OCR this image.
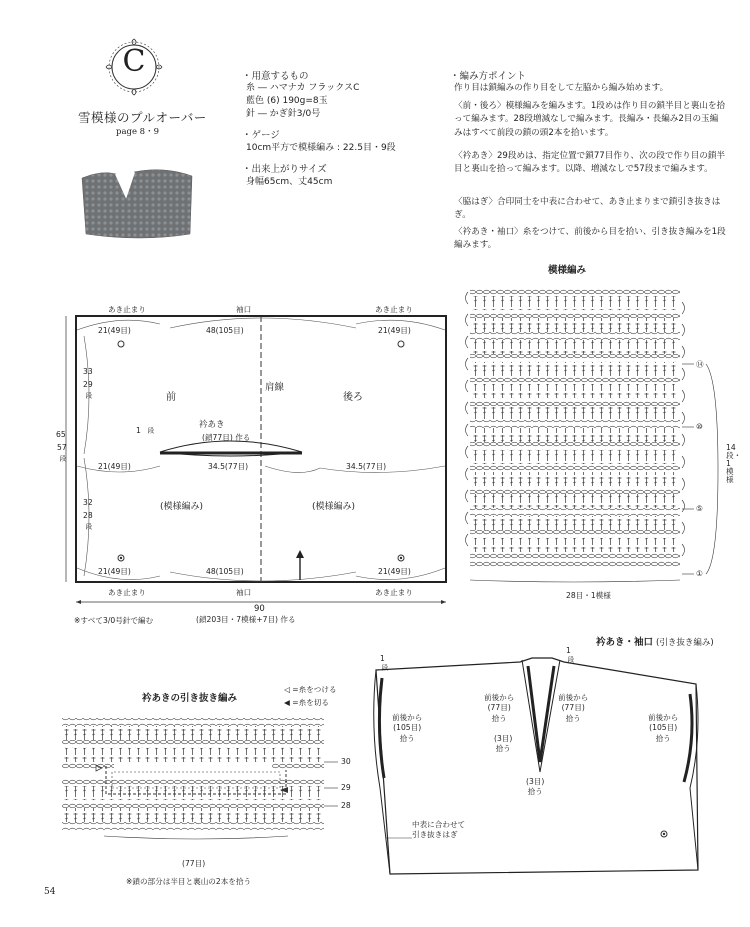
C
雪模様のプルオーバー
page 8・9
・用意するもの
糸 ― ハマナカ フラックスC
藍色 (6) 190g=8玉
針 ― かぎ針3/0号
・ゲージ
10cm平方で模様編み : 22.5目・9段
・出来上がりサイズ
身幅65cm、丈45cm
・編み方ポイント
作り目は鎖編みの作り目をして左脇から編み始めます。
〈前・後ろ〉模様編みを編みます。1段めは作り目の鎖半目と裏山を拾って編みます。28段増減なしで編みます。長編み・長編み2目の玉編みはすべて前段の鎖の頭2本を拾います。
〈衿あき〉29段めは、指定位置で鎖77目作り、次の段で作り目の鎖半目と裏山を拾って編みます。以降、増減なしで57段まで編みます。
〈脇はぎ〉合印同士を中表に合わせて、あき止まりまで鎖引き抜きはぎ。
〈衿あき・袖口〉糸をつけて、前後から目を拾い、引き抜き編みを1段編みます。
あき止まり	袖口	あき止まり
21(49目)	48(105目)	21(49目)
肩線
前	後ろ
衿あき
(鎖77目) 作る
1 段
21(49目)	34.5(77目)	34.5(77目)
(模様編み)	(模様編み)
21(49目)	48(105目)	21(49目)
あき止まり	袖口	あき止まり
65
57
段
33
29
段
32
28
段
90
(鎖203目・7模様+7目) 作る
※すべて3/0号針で編む
模様編み
⑭
⑩
⑤
①
14段・1模様
28目・1模様
衿あきの引き抜き編み
◁ =糸をつける
◀ =糸を切る
30
29
28
(77目)
※鎖の部分は半目と裏山の2本を拾う
衿あき・袖口 (引き抜き編み)
1
段
1
段
前後から
(105目)
拾う
前後から
(77目)
拾う
前後から
(77目)
拾う	前後から
(105目)
拾う
(3目)
拾う
(3目)
拾う
中表に合わせて
引き抜きはぎ
54
